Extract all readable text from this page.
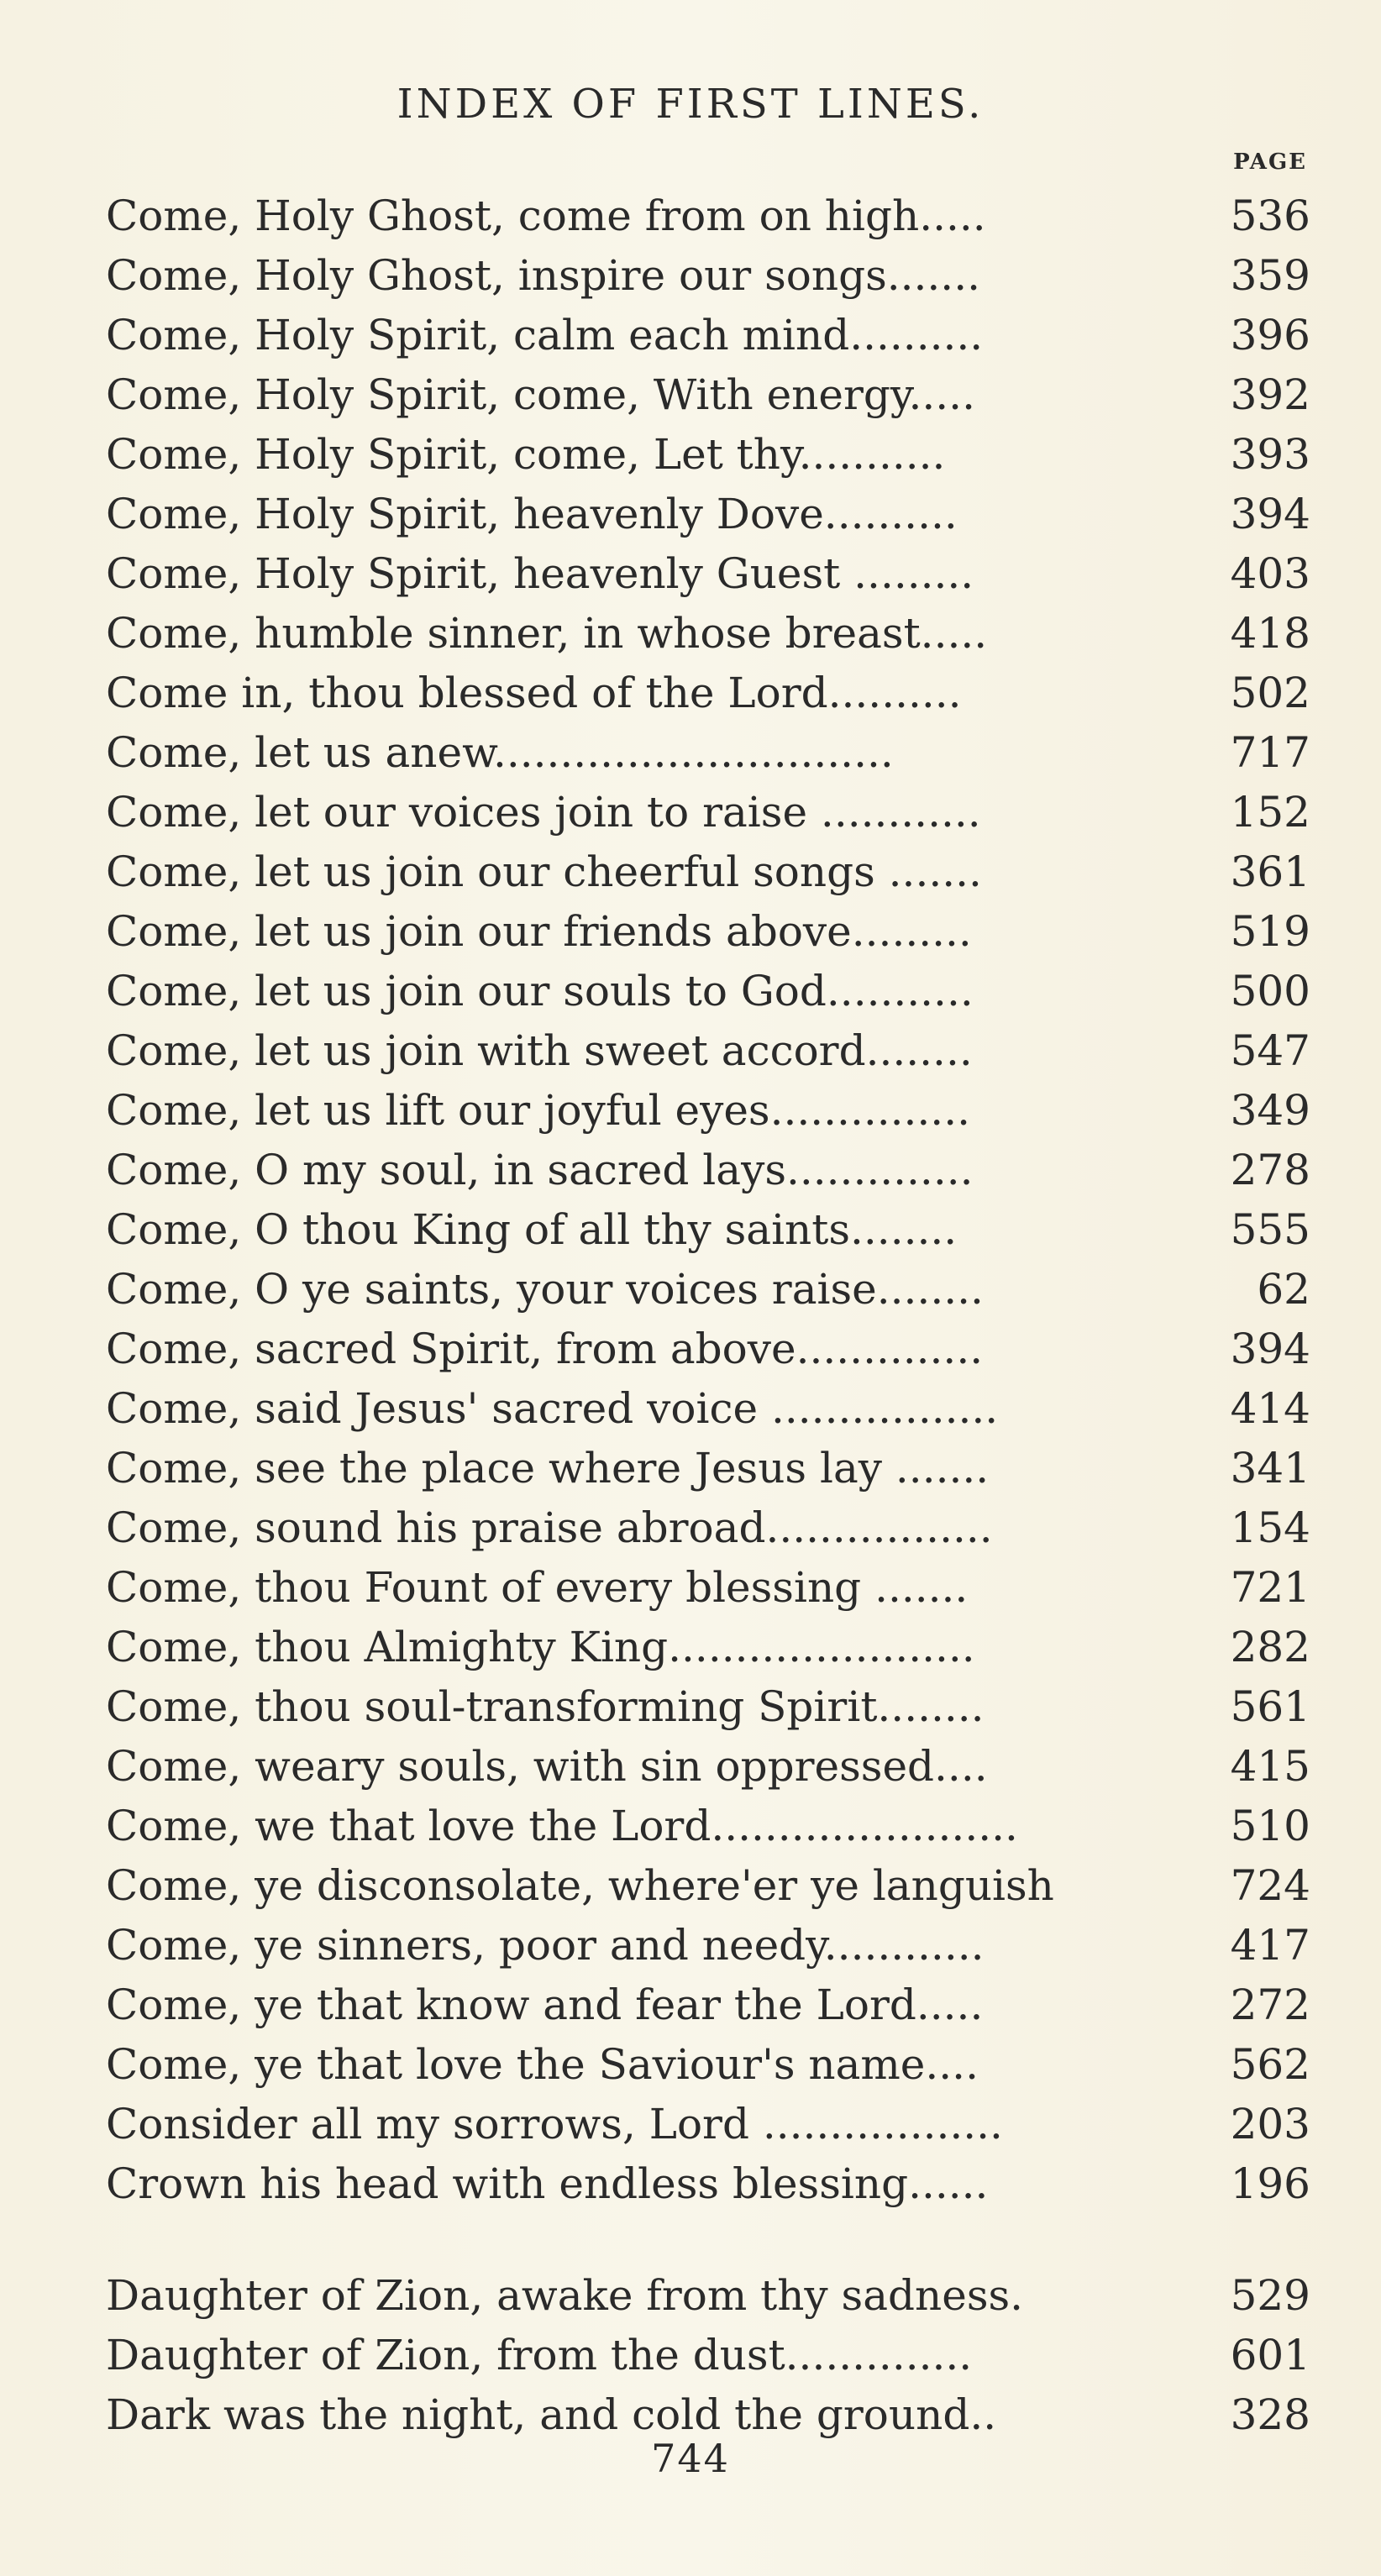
INDEX OF FIRST LINES.
PAGE
Come, Holy Ghost, come from on high.....	536
Come, Holy Ghost, inspire our songs.......	359
Come, Holy Spirit, calm each mind..........	396
Come, Holy Spirit, come, With energy.....	392
Come, Holy Spirit, come, Let thy...........	393
Come, Holy Spirit, heavenly Dove..........	394
Come, Holy Spirit, heavenly Guest .........	403
Come, humble sinner, in whose breast.....	418
Come in, thou blessed of the Lord..........	502
Come, let us anew..............................	717
Come, let our voices join to raise ............	152
Come, let us join our cheerful songs .......	361
Come, let us join our friends above.........	519
Come, let us join our souls to God...........	500
Come, let us join with sweet accord........	547
Come, let us lift our joyful eyes...............	349
Come, O my soul, in sacred lays..............	278
Come, O thou King of all thy saints........	555
Come, O ye saints, your voices raise........	62
Come, sacred Spirit, from above..............	394
Come, said Jesus' sacred voice .................	414
Come, see the place where Jesus lay .......	341
Come, sound his praise abroad.................	154
Come, thou Fount of every blessing .......	721
Come, thou Almighty King.......................	282
Come, thou soul-transforming Spirit........	561
Come, weary souls, with sin oppressed....	415
Come, we that love the Lord.......................	510
Come, ye disconsolate, where'er ye languish	724
Come, ye sinners, poor and needy............	417
Come, ye that know and fear the Lord.....	272
Come, ye that love the Saviour's name....	562
Consider all my sorrows, Lord ..................	203
Crown his head with endless blessing......	196
Daughter of Zion, awake from thy sadness.	529
Daughter of Zion, from the dust..............	601
Dark was the night, and cold the ground..	328
744
